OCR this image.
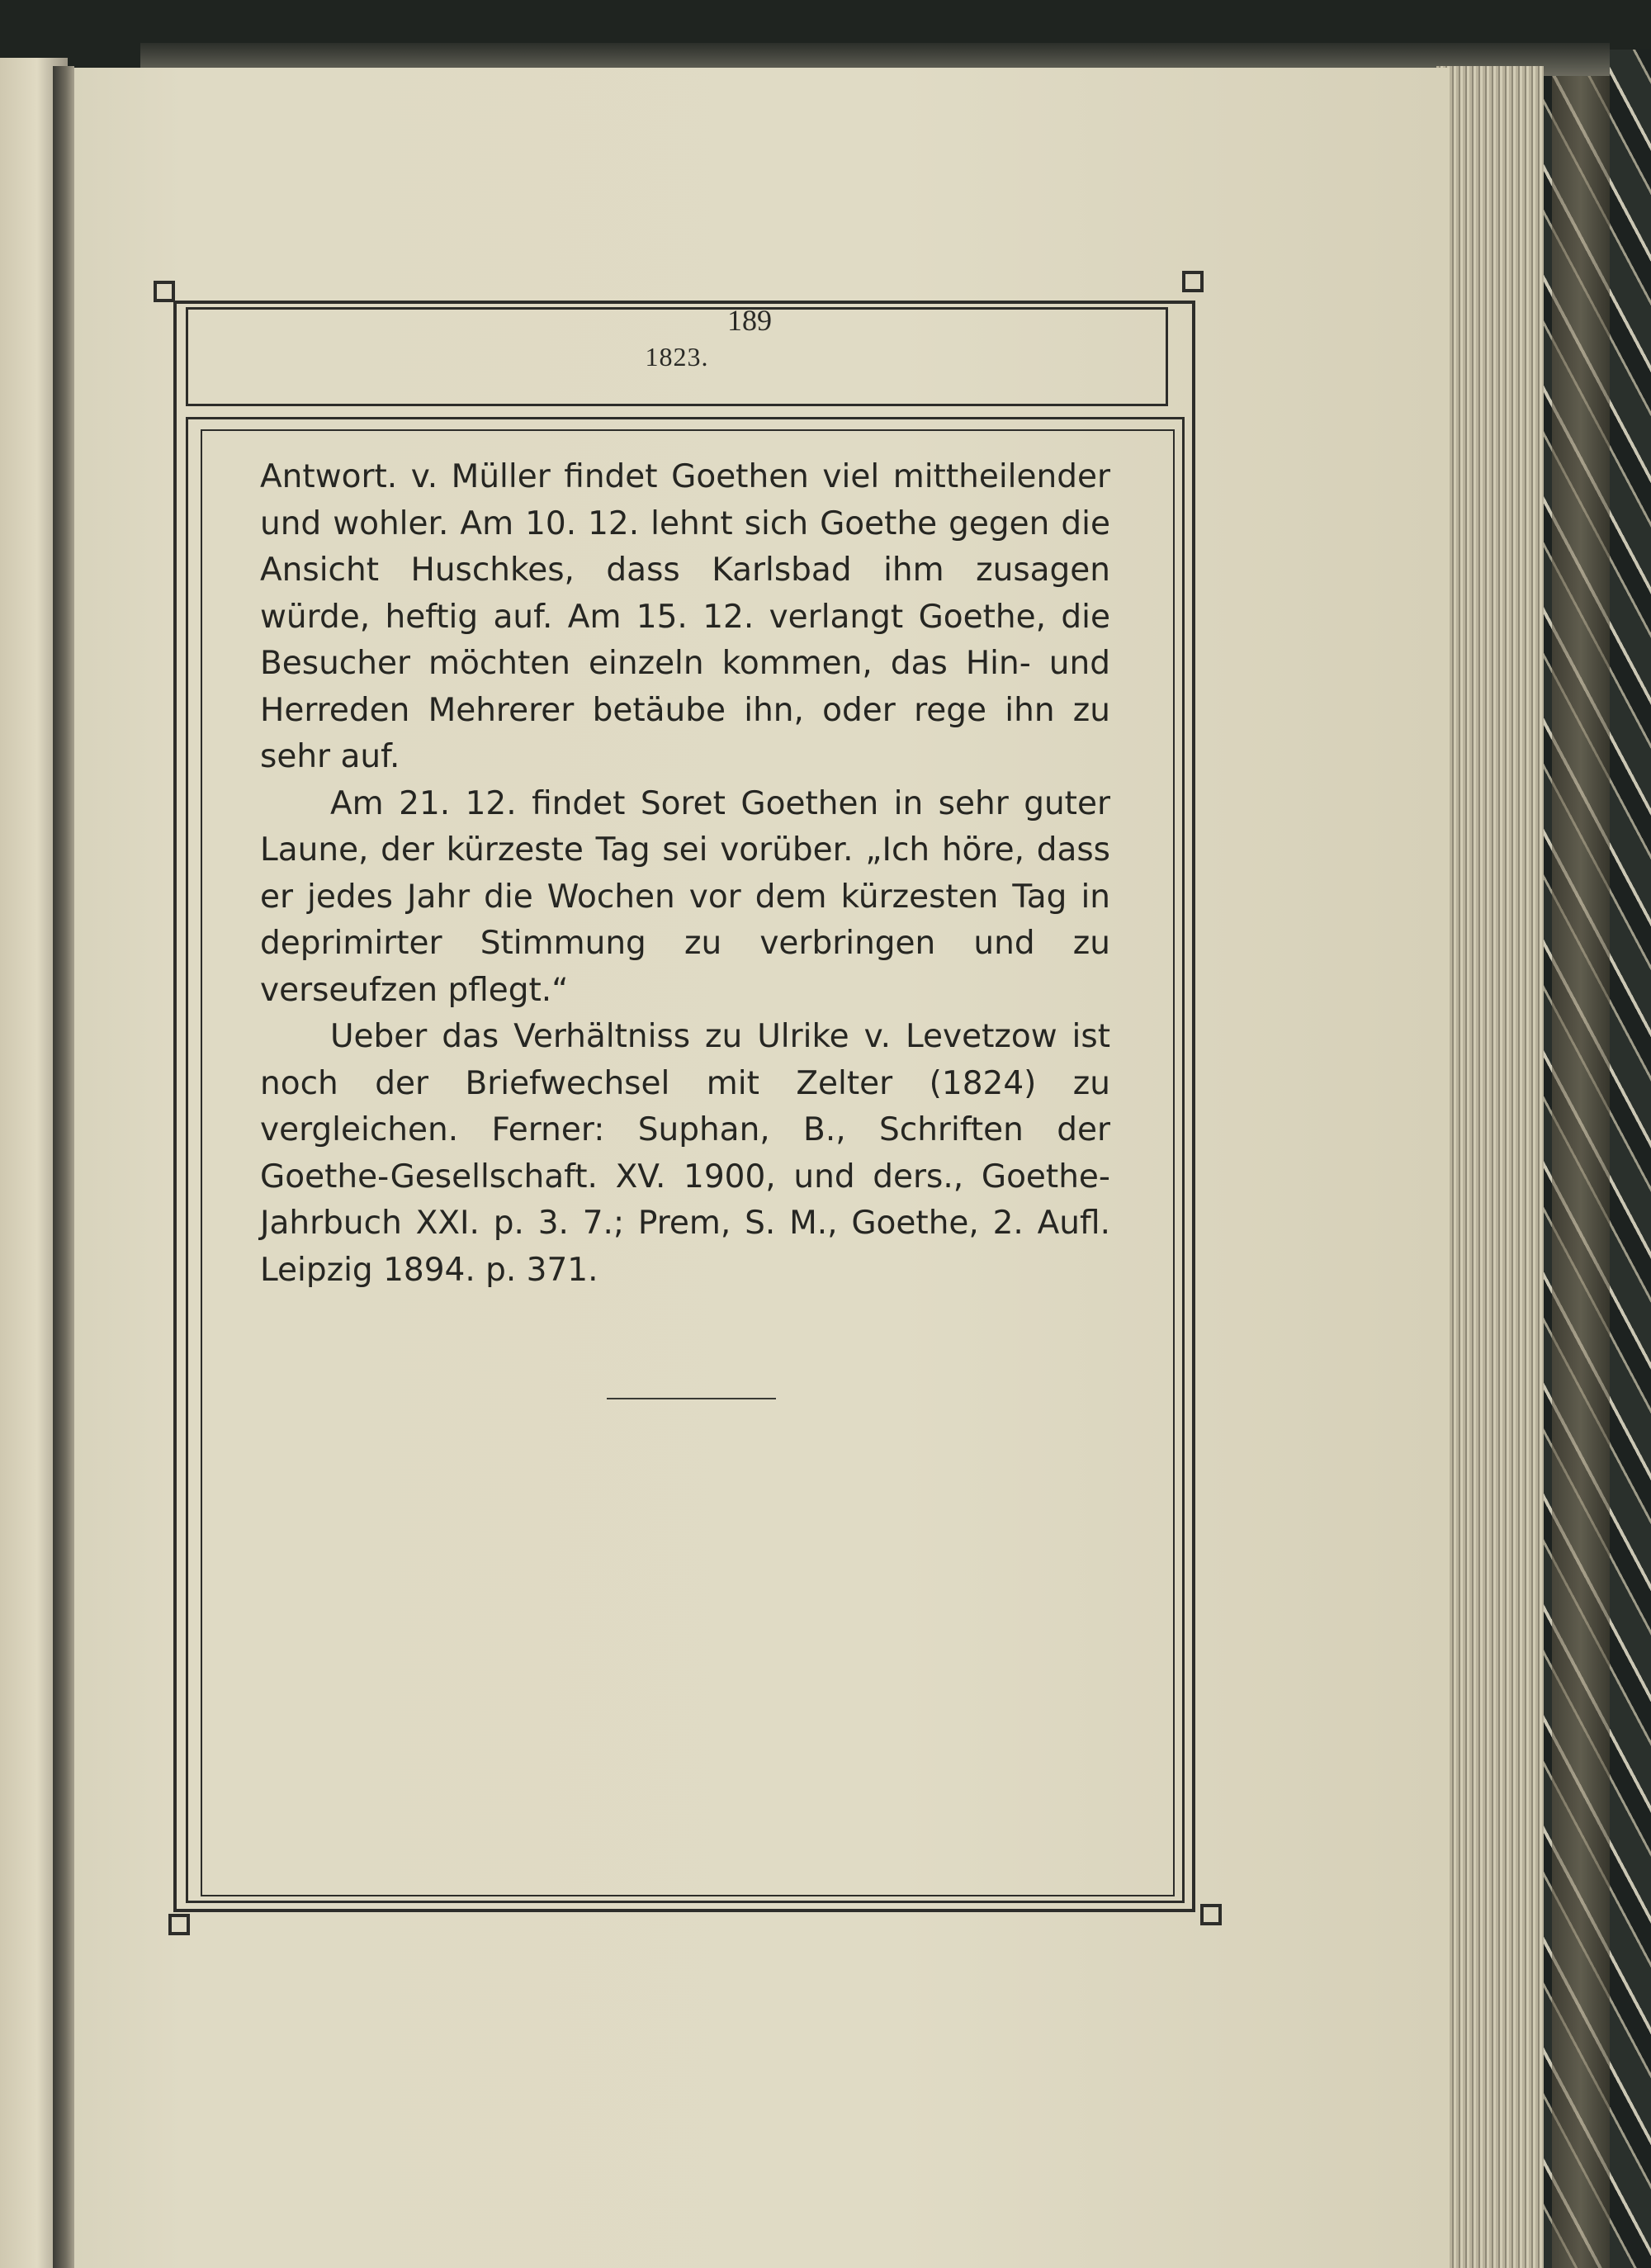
189
1823.

Antwort. v. Müller findet Goethen viel mittheilender und wohler. Am 10. 12. lehnt sich Goethe gegen die Ansicht Huschkes, dass Karlsbad ihm zusagen würde, heftig auf. Am 15. 12. verlangt Goethe, die Besucher möchten einzeln kommen, das Hin- und Herreden Mehrerer betäube ihn, oder rege ihn zu sehr auf.

Am 21. 12. findet Soret Goethen in sehr guter Laune, der kürzeste Tag sei vorüber. „Ich höre, dass er jedes Jahr die Wochen vor dem kürzesten Tag in deprimirter Stimmung zu verbringen und zu verseufzen pflegt.“

Ueber das Verhältniss zu Ulrike v. Levetzow ist noch der Briefwechsel mit Zelter (1824) zu vergleichen. Ferner: Suphan, B., Schriften der Goethe-Gesellschaft. XV. 1900, und ders., Goethe-Jahrbuch XXI. p. 3. 7.; Prem, S. M., Goethe, 2. Aufl. Leipzig 1894. p. 371.
